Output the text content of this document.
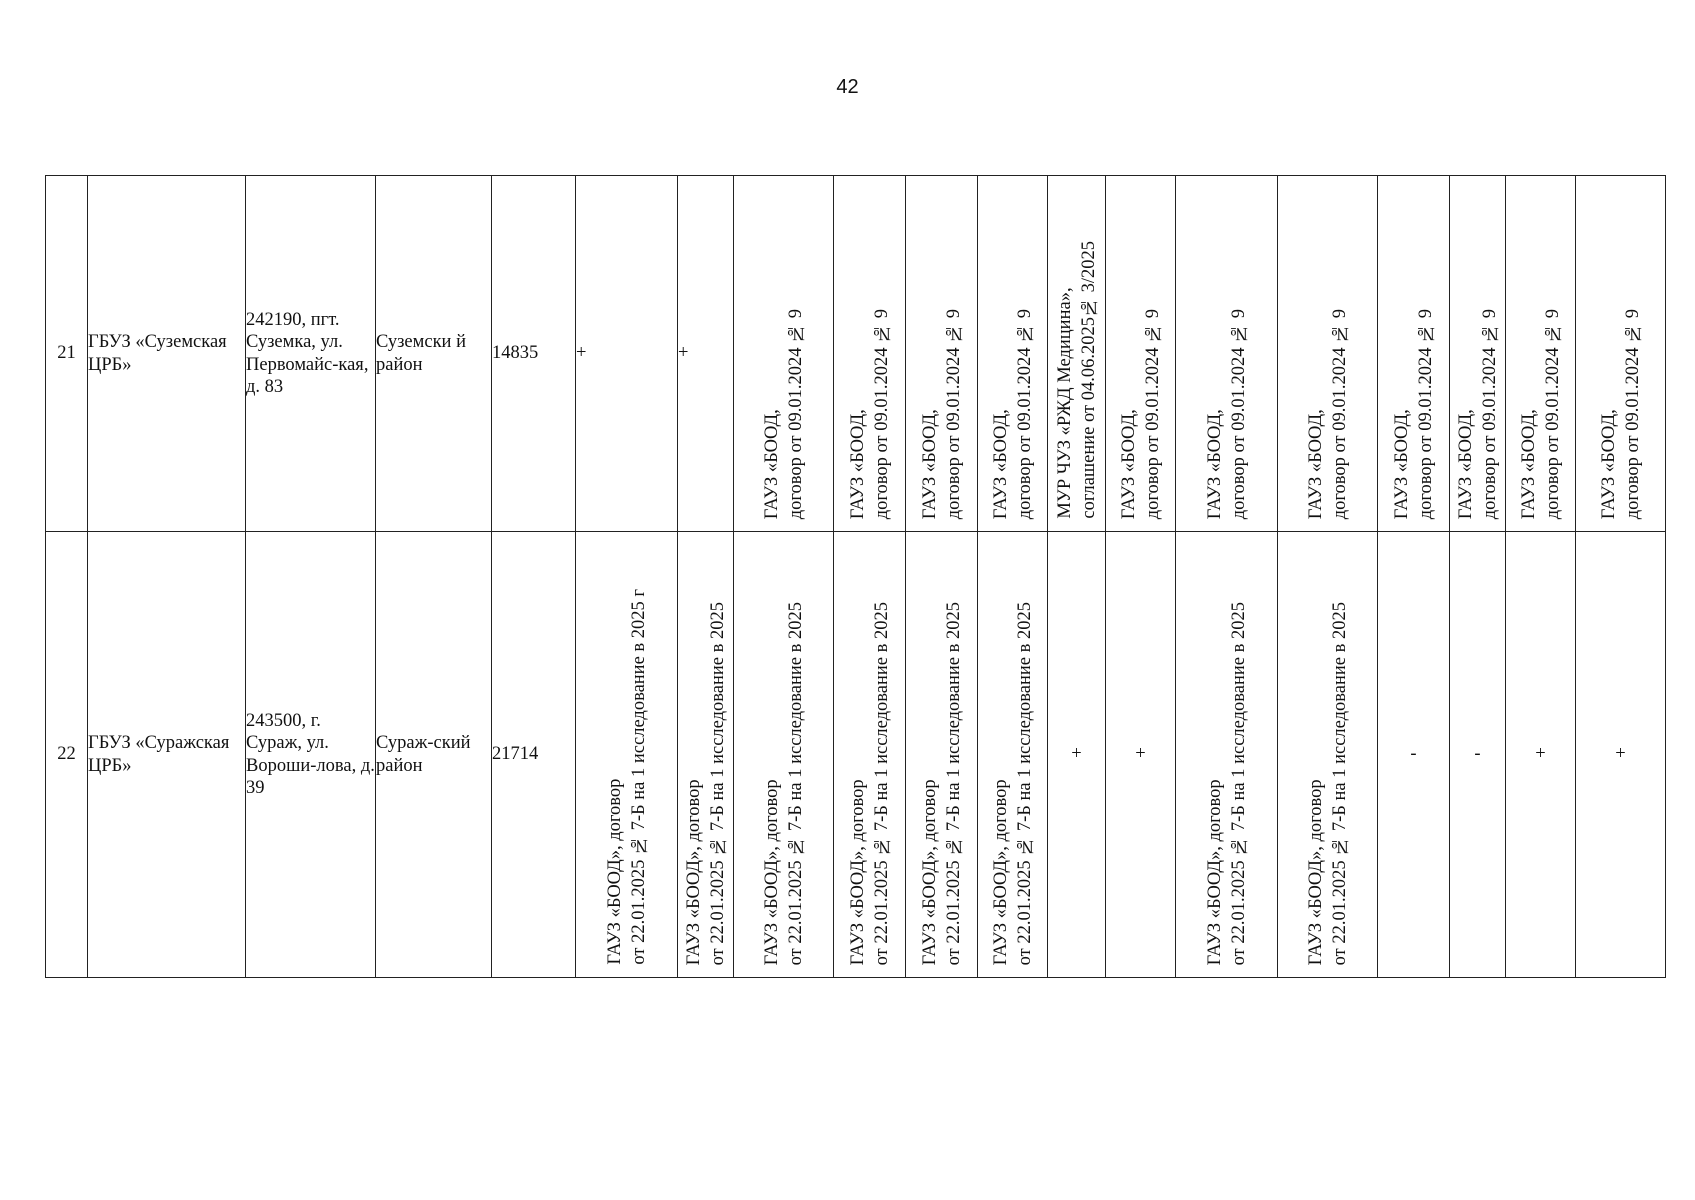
42
21	ГБУЗ «Суземская ЦРБ»	242190, пгт. Суземка, ул. Первомайс-кая, д. 83	Суземски й район	14835	+	+	ГАУЗ «БООД,
договор от 09.01.2024 № 9	ГАУЗ «БООД,
договор от 09.01.2024 № 9	ГАУЗ «БООД,
договор от 09.01.2024 № 9	ГАУЗ «БООД,
договор от 09.01.2024 № 9	МУР ЧУЗ «РЖД Медицина»,
соглашение от 04.06.2025№ 3/2025	ГАУЗ «БООД,
договор от 09.01.2024 № 9	ГАУЗ «БООД,
договор от 09.01.2024 № 9	ГАУЗ «БООД,
договор от 09.01.2024 № 9	ГАУЗ «БООД,
договор от 09.01.2024 № 9	ГАУЗ «БООД,
договор от 09.01.2024 № 9	ГАУЗ «БООД,
договор от 09.01.2024 № 9	ГАУЗ «БООД,
договор от 09.01.2024 № 9

22	ГБУЗ «Суражская ЦРБ»	243500, г. Сураж, ул. Вороши-лова, д. 39	Сураж-ский район	21714	ГАУЗ «БООД», договор
от 22.01.2025 № 7-Б на 1 исследование в 2025 г	ГАУЗ «БООД», договор
от 22.01.2025 № 7-Б на 1 исследование в 2025	ГАУЗ «БООД», договор
от 22.01.2025 № 7-Б на 1 исследование в 2025	ГАУЗ «БООД», договор
от 22.01.2025 № 7-Б на 1 исследование в 2025	ГАУЗ «БООД», договор
от 22.01.2025 № 7-Б на 1 исследование в 2025	ГАУЗ «БООД», договор
от 22.01.2025 № 7-Б на 1 исследование в 2025	+	+	ГАУЗ «БООД», договор
от 22.01.2025 № 7-Б на 1 исследование в 2025	ГАУЗ «БООД», договор
от 22.01.2025 № 7-Б на 1 исследование в 2025	-	-	+	+
